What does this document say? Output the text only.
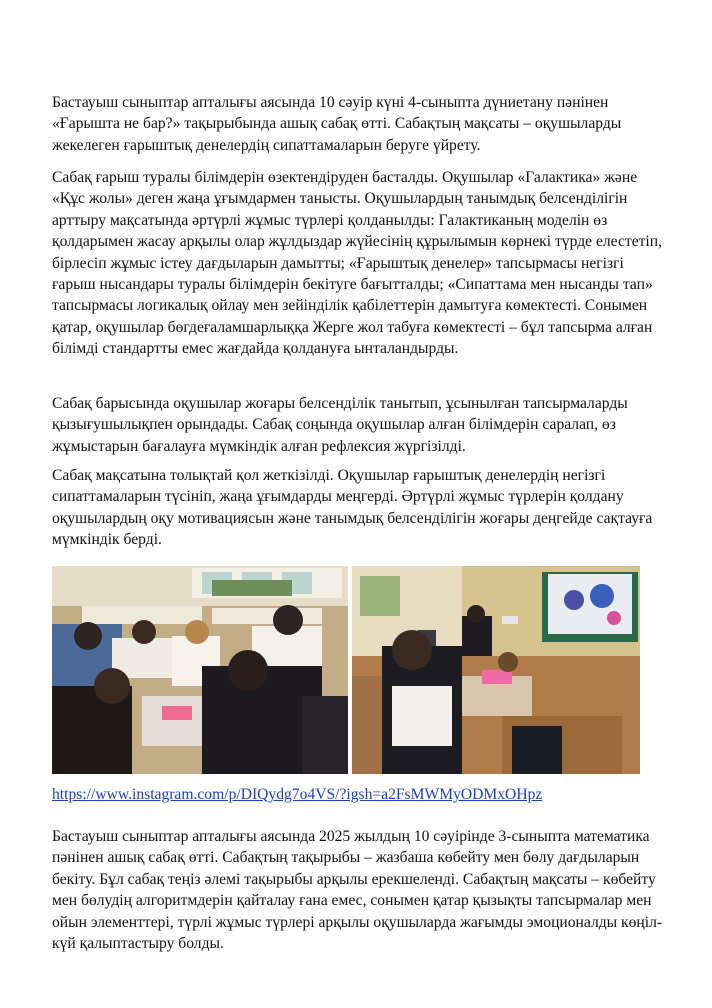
Бастауыш сыныптар апталығы аясында 10 сәуір күні 4-сыныпта дүниетану пәнінен «Ғарышта не бар?» тақырыбында ашық сабақ өтті. Сабақтың мақсаты – оқушыларды жекелеген ғарыштық денелердің сипаттамаларын беруге үйрету.

Сабақ ғарыш туралы білімдерін өзектендіруден басталды. Оқушылар «Галактика» және «Құс жолы» деген жаңа ұғымдармен танысты. Оқушылардың танымдық белсенділігін арттыру мақсатында әртүрлі жұмыс түрлері қолданылды: Галактиканың моделін өз қолдарымен жасау арқылы олар жұлдыздар жүйесінің құрылымын көрнекі түрде елестетіп, бірлесіп жұмыс істеу дағдыларын дамытты; «Ғарыштық денелер» тапсырмасы негізгі ғарыш нысандары туралы білімдерін бекітуге бағытталды; «Сипаттама мен нысанды тап» тапсырмасы логикалық ойлау мен зейінділік қабілеттерін дамытуға көмектесті. Сонымен қатар, оқушылар бөгдеғаламшарлыққа Жерге жол табуға көмектесті – бұл тапсырма алған білімді стандартты емес жағдайда қолдануға ынталандырды.

Сабақ барысында оқушылар жоғары белсенділік танытып, ұсынылған тапсырмаларды қызығушылықпен орындады. Сабақ соңында оқушылар алған білімдерін саралап, өз жұмыстарын бағалауға мүмкіндік алған рефлексия жүргізілді.

Сабақ мақсатына толықтай қол жеткізілді. Оқушылар ғарыштық денелердің негізгі сипаттамаларын түсініп, жаңа ұғымдарды меңгерді. Әртүрлі жұмыс түрлерін қолдану оқушылардың оқу мотивациясын және танымдық белсенділігін жоғары деңгейде сақтауға мүмкіндік берді.

https://www.instagram.com/p/DIQydg7o4VS/?igsh=a2FsMWMyODMxOHpz

Бастауыш сыныптар апталығы аясында 2025 жылдың 10 сәуірінде 3-сыныпта математика пәнінен ашық сабақ өтті. Сабақтың тақырыбы – жазбаша көбейту мен бөлу дағдыларын бекіту. Бұл сабақ теңіз әлемі тақырыбы арқылы ерекшеленді. Сабақтың мақсаты – көбейту мен бөлудің алгоритмдерін қайталау ғана емес, сонымен қатар қызықты тапсырмалар мен ойын элементтері, түрлі жұмыс түрлері арқылы оқушыларда жағымды эмоционалды көңіл-күй қалыптастыру болды.
